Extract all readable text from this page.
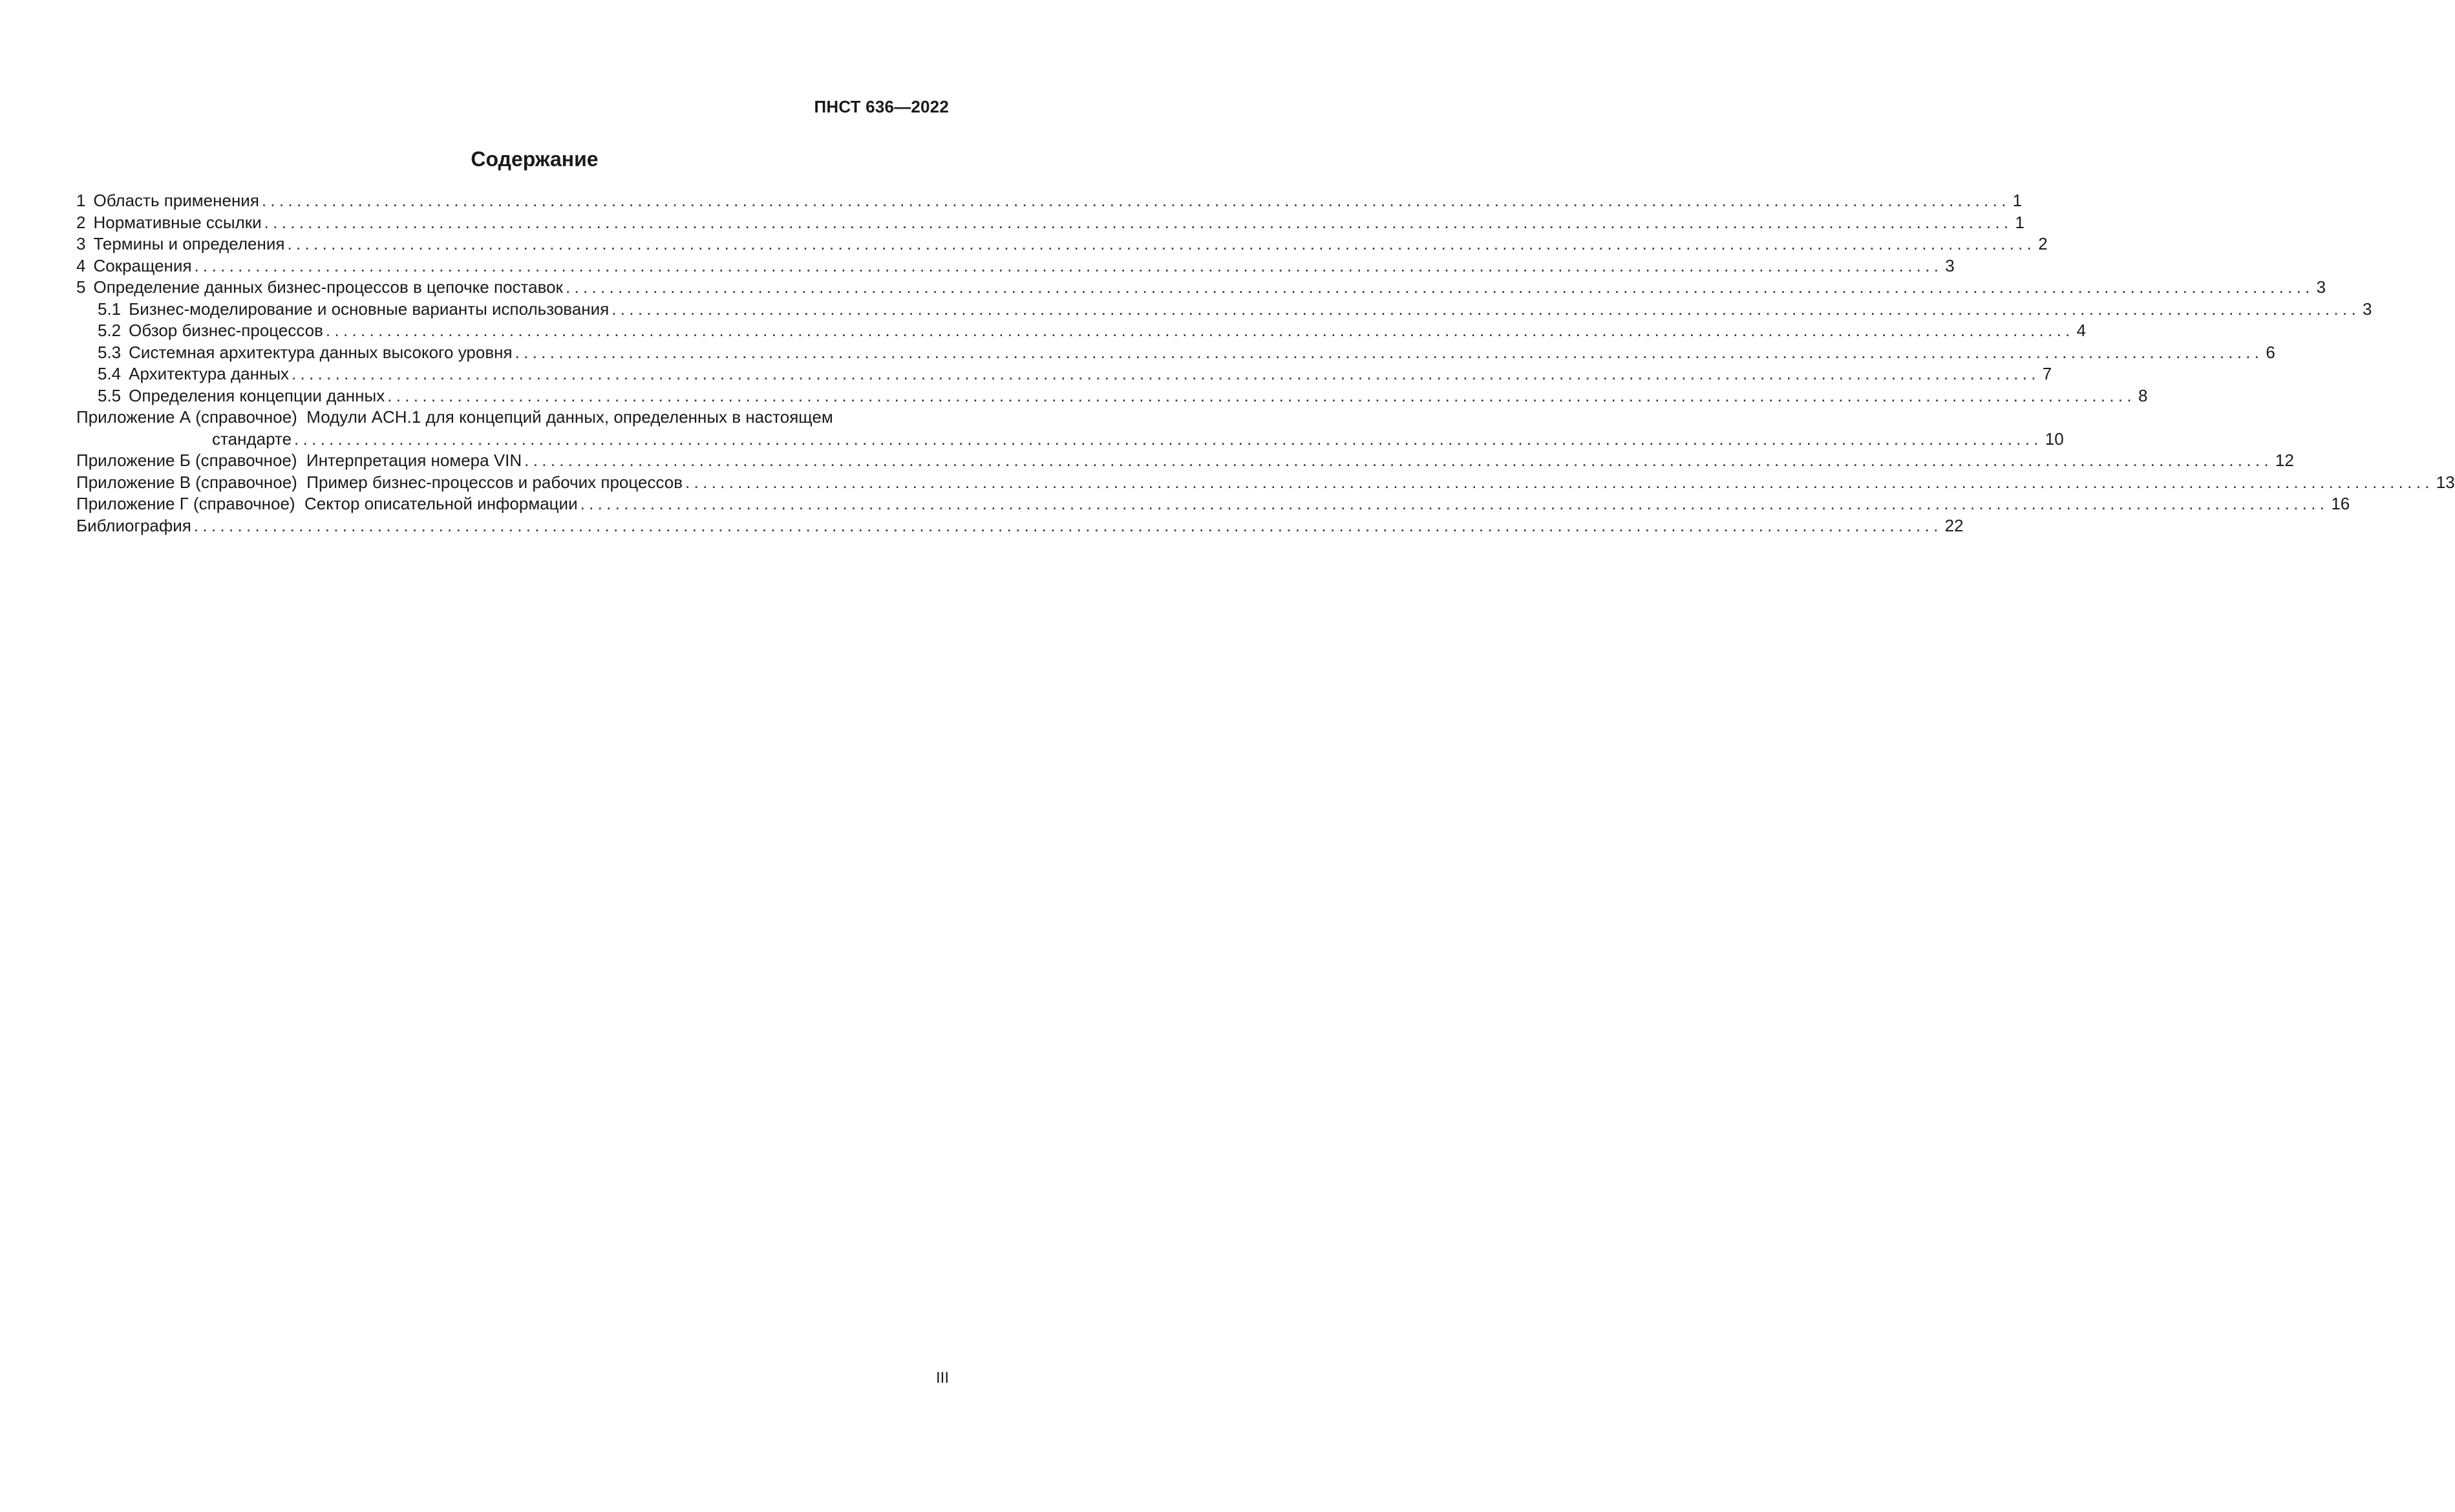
ПНСТ 636—2022
Содержание
1 Область применения ........................................................................................................................................................................................................ 1
2 Нормативные ссылки ........................................................................................................................................................................................................ 1
3 Термины и определения ........................................................................................................................................................................................................ 2
4 Сокращения ........................................................................................................................................................................................................ 3
5 Определение данных бизнес-процессов в цепочке поставок ........................................................................................................................................................................................................ 3
5.1 Бизнес-моделирование и основные варианты использования ........................................................................................................................................................................................................ 3
5.2 Обзор бизнес-процессов ........................................................................................................................................................................................................ 4
5.3 Системная архитектура данных высокого уровня ........................................................................................................................................................................................................ 6
5.4 Архитектура данных ........................................................................................................................................................................................................ 7
5.5 Определения концепции данных ........................................................................................................................................................................................................ 8
Приложение А (справочное) Модули ACH.1 для концепций данных, определенных в настоящем
стандарте ........................................................................................................................................................................................................ 10
Приложение Б (справочное)
Интерпретация номера VIN ........................................................................................................................................................................................................ 12
Приложение В (справочное)
Пример бизнес-процессов и рабочих процессов ........................................................................................................................................................................................................ 13
Приложение Г (справочное)
Сектор описательной информации ........................................................................................................................................................................................................ 16
Библиография ........................................................................................................................................................................................................ 22
III
